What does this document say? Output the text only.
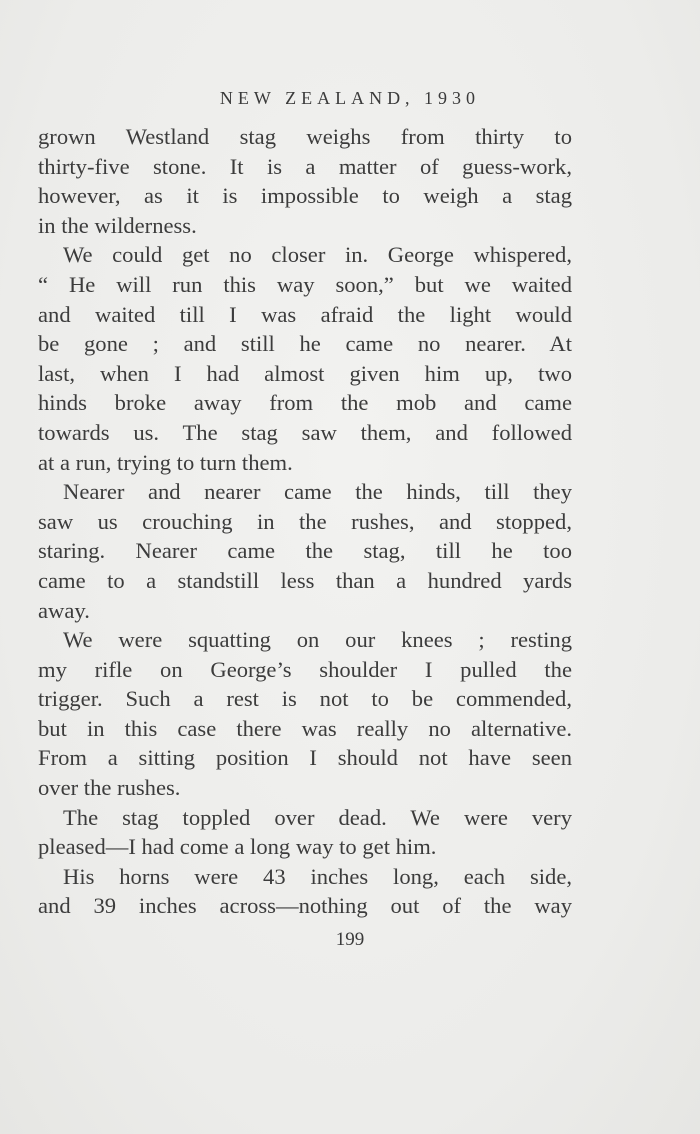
NEW ZEALAND, 1930
grown Westland stag weighs from thirty to
thirty-five stone. It is a matter of guess-work,
however, as it is impossible to weigh a stag
in the wilderness.
We could get no closer in. George whispered,
“ He will run this way soon,” but we waited
and waited till I was afraid the light would
be gone ; and still he came no nearer. At
last, when I had almost given him up, two
hinds broke away from the mob and came
towards us. The stag saw them, and followed
at a run, trying to turn them.
Nearer and nearer came the hinds, till they
saw us crouching in the rushes, and stopped,
staring. Nearer came the stag, till he too
came to a standstill less than a hundred yards
away.
We were squatting on our knees ; resting
my rifle on George’s shoulder I pulled the
trigger. Such a rest is not to be commended,
but in this case there was really no alternative.
From a sitting position I should not have seen
over the rushes.
The stag toppled over dead. We were very
pleased—I had come a long way to get him.
His horns were 43 inches long, each side,
and 39 inches across—nothing out of the way
199
